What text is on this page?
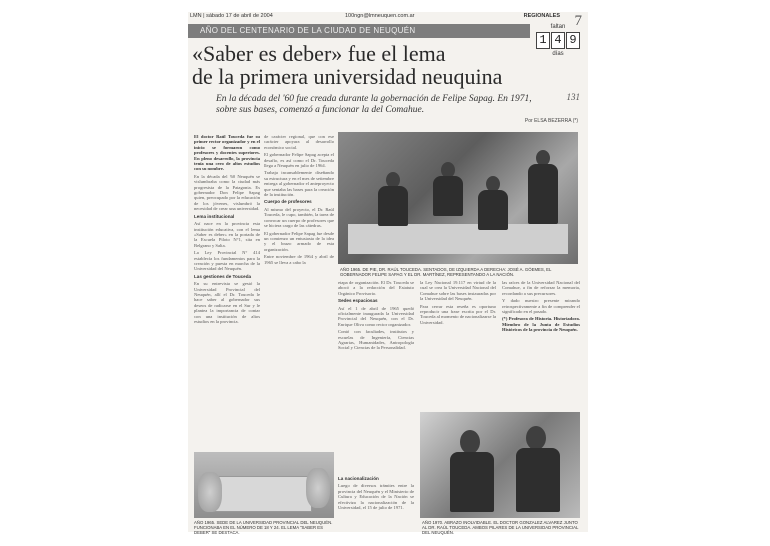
LMN | sábado 17 de abril de 2004	100ngn@lmneuquen.com.ar	REGIONALES 7
AÑO DEL CENTENARIO DE LA CIUDAD DE NEUQUÉN	faltan
1 4 9
días
«Saber es deber» fue el lema
de la primera universidad neuquina
131
En la década del '60 fue creada durante la gobernación de Felipe Sapag. En 1971, sobre sus bases, comenzó a funcionar la del Comahue.
Por ELSA BEZERRA (*)

El doctor Raúl Touceda fue su primer rector organizador y en el inicio se formaron como profesores y docentes superiores. En pleno desarrollo, la provincia tenía una cero de altos estudios con su nombre.

En la década del '60 Neuquén se vislumbraba como la ciudad más progresista de la Patagonia. Es gobernador Don Felipe Sapag quien, preocupado por la educación de los jóvenes, vislumbró la necesidad de crear una universidad.

Lema institucional

Así nace en la provincia esta institución educativa, con el lema «Saber es deber» en la portada de la Escuela Piloto N°1, sita en Belgrano y Salta.

La Ley Provincial N° 414 establecía los fundamentos para la creación y puesta en marcha de la Universidad del Neuquén.

Las gestiones de Touceda

En su entrevista se gestó la Universidad Provincial del Neuquén, allí el Dr. Touceda le hace saber al gobernador sus deseos de radicarse en el Sur y le plantea la importancia de contar con una institución de altos estudios en la provincia.

de carácter regional, que con ese carácter apoyara al desarrollo económico social.

El gobernador Felipe Sapag acepta el desafío, es así como el Dr. Touceda llega a Neuquén en julio de 1964.

Trabaja incansablemente diseñando su estructura y en el mes de setiembre entrega al gobernador el anteproyecto que sentaba las bases para la creación de la institución.

Cuerpo de profesores

Al mismo del proyecto, el Dr. Raúl Touceda, le cupo, también, la tarea de convocar un cuerpo de profesores que se hiciera cargo de las cátedras.

El gobernador Felipe Sapag fue desde un comienzo un entusiasta de la idea y el brazo armado de esta organización.

Entre noviembre de 1964 y abril de 1965 se lleva a cabo la

AÑO 1965. DE PIE, DR. RAÚL TOUCEDA. SENTADOS, DE IZQUIERDA A DERECHA: JOSÉ A. GÓEMES, EL GOBERNADOR FELIPE SAPAG Y EL DR. MARTÍNEZ, REPRESENTANDO A LA NACIÓN.

etapa de organización. El Dr. Touceda se abocó a la redacción del Estatuto Orgánico Provisorio.

Sedes espaciosas

Así el 1 de abril de 1965 quedó oficialmente inaugurada la Universidad Provincial del Neuquén, con el Dr. Enrique Oliva como rector organizador.

Contó con facultades, institutos y escuelas de Ingeniería, Ciencias Agrarias, Humanidades, Antropología Social y Ciencias de la Personalidad.

la Ley Nacional 19.117 en virtud de la cual se crea la Universidad Nacional del Comahue sobre las bases instauradas por la Universidad del Neuquén.

Para cerrar esta reseña es oportuno reproducir una frase escrita por el Dr. Touceda al momento de nacionalizarse la Universidad.

las raíces de la Universidad Nacional del Comahue, a fin de reforzar la memoria, recordando a sus precursores.

Y dado nuestro presente mirando retrospectivamente a fin de comprender el significado en el pasado.

(*) Profesora de Historia. Historiadora. Miembro de la Junta de Estudios Históricos de la provincia de Neuquén.

AÑO 1965. SEDE DE LA UNIVERSIDAD PROVINCIAL DEL NEUQUÉN. FUNCIONABA EN EL NÚMERO DE 18 Y 24. EL LEMA "SABER ES DEBER" SE DESTACA.

La nacionalización

Luego de diversos trámites entre la provincia del Neuquén y el Ministerio de Cultura y Educación de la Nación se efectiviza la nacionalización de la Universidad, el 15 de julio de 1971.

AÑO 1970. ABRAZO INOLVIDABLE. EL DOCTOR GONZALEZ ALVAREZ JUNTO AL DR. RAÚL TOUCEDA. AMBOS PILARES DE LA UNIVERSIDAD PROVINCIAL DEL NEUQUÉN.
